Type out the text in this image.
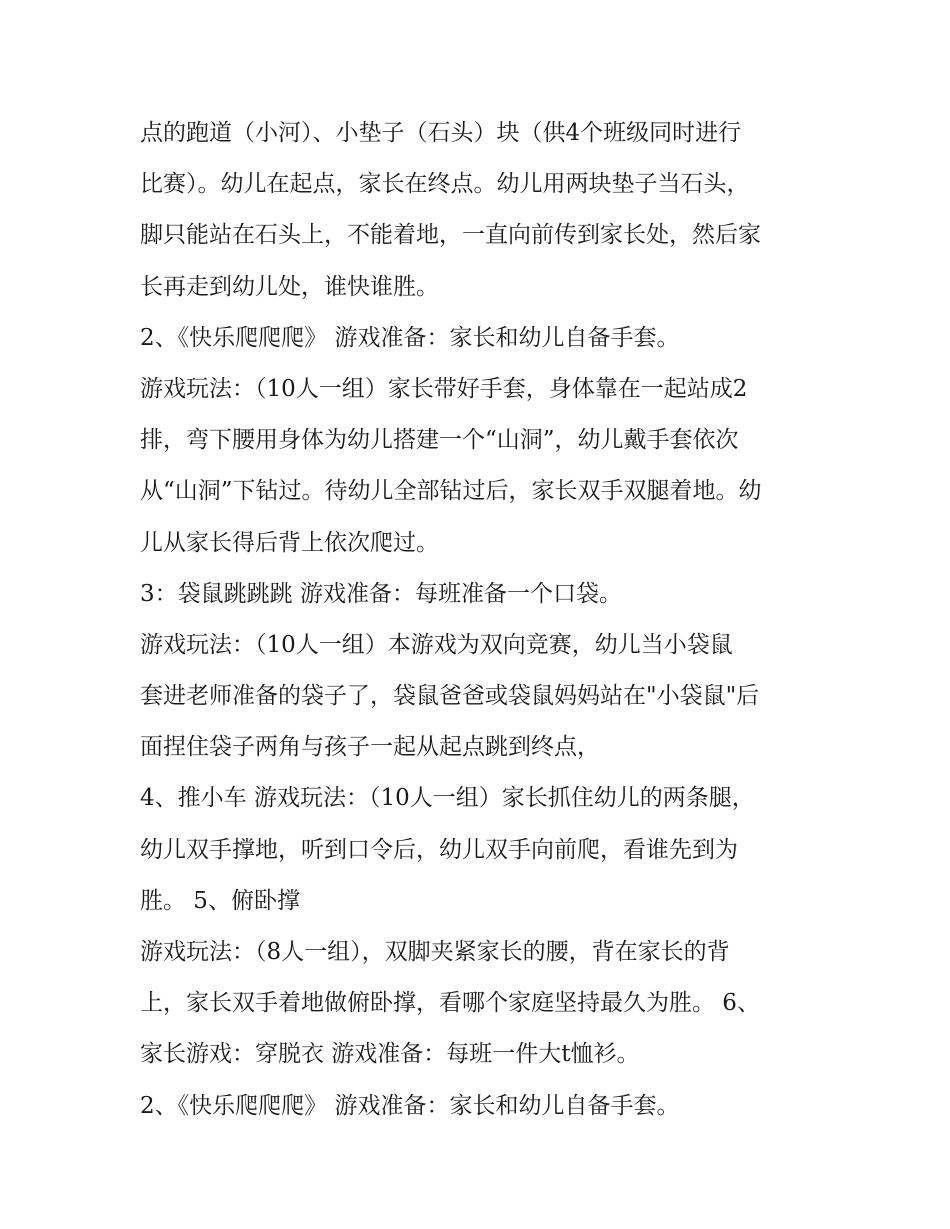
点的跑道（小河）、小垫子（石头）块（供4个班级同时进行
比赛）。幼儿在起点，家长在终点。幼儿用两块垫子当石头，
脚只能站在石头上，不能着地，一直向前传到家长处，然后家
长再走到幼儿处，谁快谁胜。
2、《快乐爬爬爬》 游戏准备：家长和幼儿自备手套。
游戏玩法：（10人一组）家长带好手套，身体靠在一起站成2
排，弯下腰用身体为幼儿搭建一个“山洞”，幼儿戴手套依次
从“山洞”下钻过。待幼儿全部钻过后，家长双手双腿着地。幼
儿从家长得后背上依次爬过。
3：袋鼠跳跳跳 游戏准备：每班准备一个口袋。
游戏玩法：（10人一组）本游戏为双向竞赛，幼儿当小袋鼠
套进老师准备的袋子了，袋鼠爸爸或袋鼠妈妈站在"小袋鼠"后
面捏住袋子两角与孩子一起从起点跳到终点，
4、推小车 游戏玩法：（10人一组）家长抓住幼儿的两条腿，
幼儿双手撑地，听到口令后，幼儿双手向前爬，看谁先到为
胜。 5、俯卧撑
游戏玩法：（8人一组），双脚夹紧家长的腰，背在家长的背
上，家长双手着地做俯卧撑，看哪个家庭坚持最久为胜。 6、
家长游戏：穿脱衣 游戏准备：每班一件大t恤衫。
2、《快乐爬爬爬》 游戏准备：家长和幼儿自备手套。
